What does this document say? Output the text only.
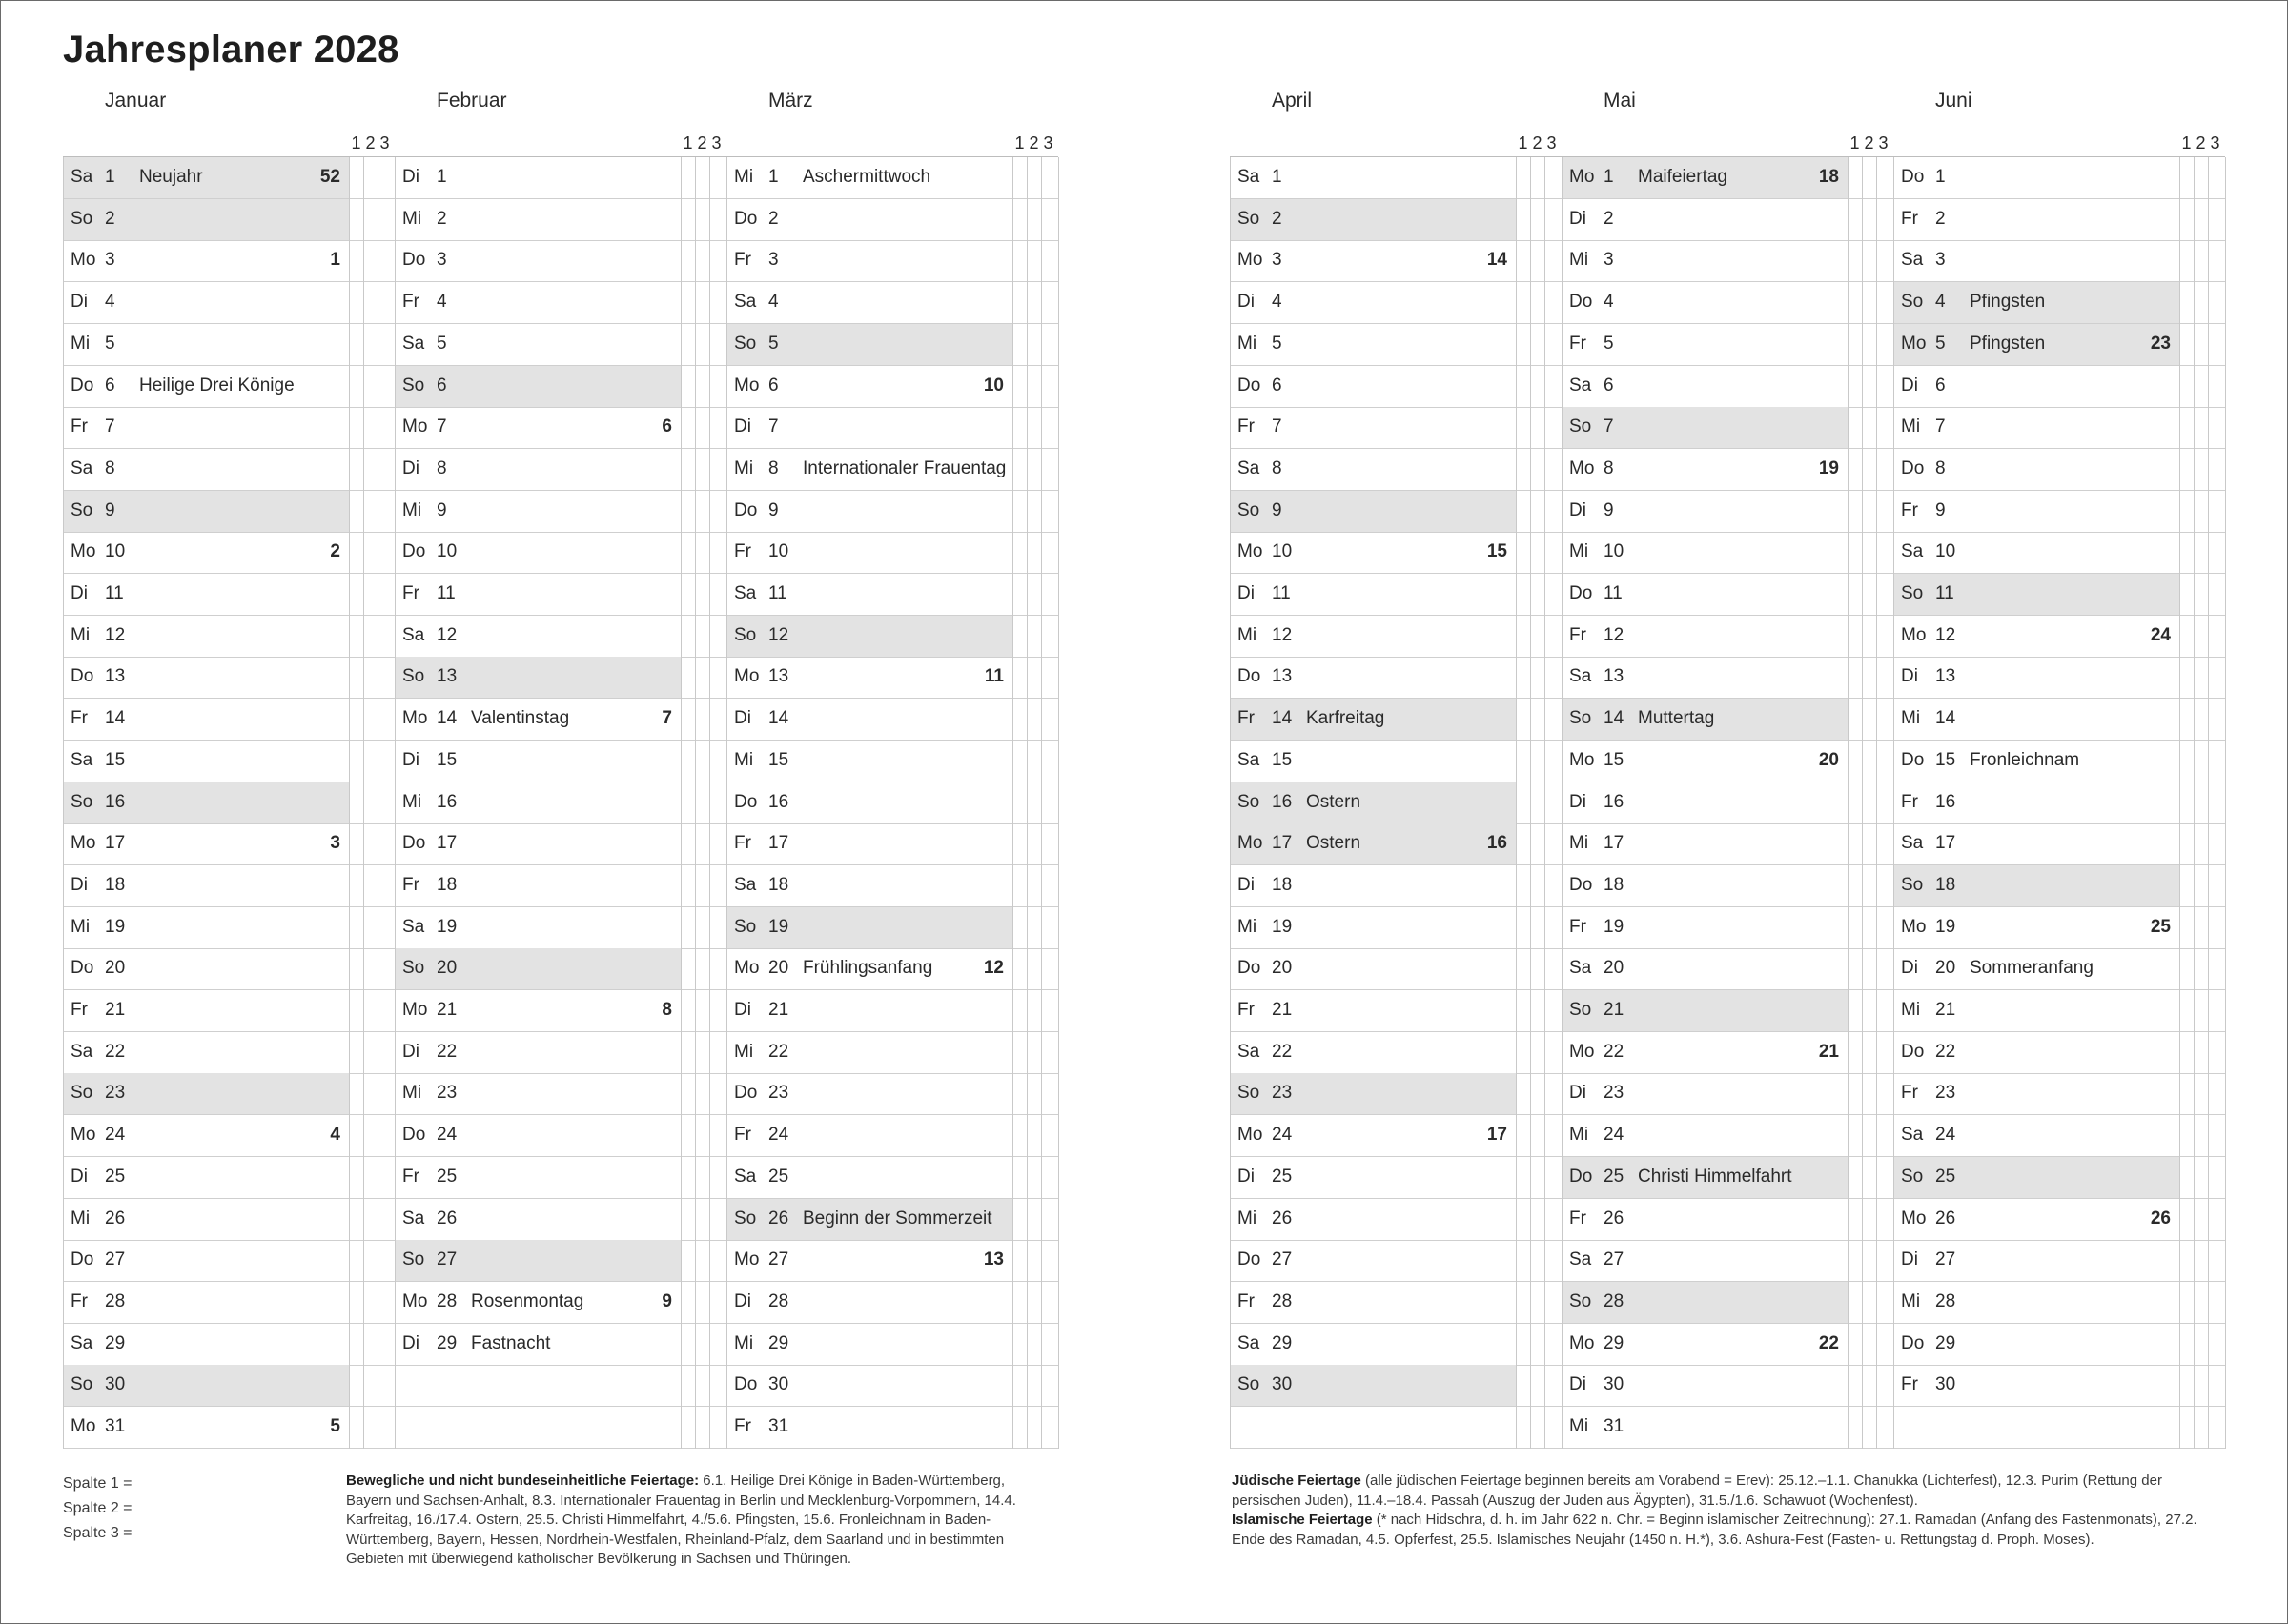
Jahresplaner 2028
Januar
1 2 3
Sa 1 Neujahr	52
So 2
Mo 3	1
Di 4
Mi 5
Do 6 Heilige Drei Könige
Fr 7
Sa 8
So 9
Mo 10	2
Di 11
Mi 12
Do 13
Fr 14
Sa 15
So 16
Mo 17	3
Di 18
Mi 19
Do 20
Fr 21
Sa 22
So 23
Mo 24	4
Di 25
Mi 26
Do 27
Fr 28
Sa 29
So 30
Mo 31	5
Februar
1 2 3
Di 1
Mi 2
Do 3
Fr 4
Sa 5
So 6
Mo 7	6
Di 8
Mi 9
Do 10
Fr 11
Sa 12
So 13
Mo 14 Valentinstag	7
Di 15
Mi 16
Do 17
Fr 18
Sa 19
So 20
Mo 21	8
Di 22
Mi 23
Do 24
Fr 25
Sa 26
So 27
Mo 28 Rosenmontag	9
Di 29 Fastnacht
März
1 2 3
Mi 1 Aschermittwoch
Do 2
Fr 3
Sa 4
So 5
Mo 6	10
Di 7
Mi 8 Internationaler Frauentag
Do 9
Fr 10
Sa 11
So 12
Mo 13	11
Di 14
Mi 15
Do 16
Fr 17
Sa 18
So 19
Mo 20 Frühlingsanfang	12
Di 21
Mi 22
Do 23
Fr 24
Sa 25
So 26 Beginn der Sommerzeit
Mo 27	13
Di 28
Mi 29
Do 30
Fr 31
April
1 2 3
Sa 1
So 2
Mo 3	14
Di 4
Mi 5
Do 6
Fr 7
Sa 8
So 9
Mo 10	15
Di 11
Mi 12
Do 13
Fr 14 Karfreitag
Sa 15
So 16 Ostern
Mo 17 Ostern	16
Di 18
Mi 19
Do 20
Fr 21
Sa 22
So 23
Mo 24	17
Di 25
Mi 26
Do 27
Fr 28
Sa 29
So 30
Mai
1 2 3
Mo 1 Maifeiertag	18
Di 2
Mi 3
Do 4
Fr 5
Sa 6
So 7
Mo 8	19
Di 9
Mi 10
Do 11
Fr 12
Sa 13
So 14 Muttertag
Mo 15	20
Di 16
Mi 17
Do 18
Fr 19
Sa 20
So 21
Mo 22	21
Di 23
Mi 24
Do 25 Christi Himmelfahrt
Fr 26
Sa 27
So 28
Mo 29	22
Di 30
Mi 31
Juni
1 2 3
Do 1
Fr 2
Sa 3
So 4 Pfingsten
Mo 5 Pfingsten	23
Di 6
Mi 7
Do 8
Fr 9
Sa 10
So 11
Mo 12	24
Di 13
Mi 14
Do 15 Fronleichnam
Fr 16
Sa 17
So 18
Mo 19	25
Di 20 Sommeranfang
Mi 21
Do 22
Fr 23
Sa 24
So 25
Mo 26	26
Di 27
Mi 28
Do 29
Fr 30
Spalte 1 =
Spalte 2 =
Spalte 3 =
Bewegliche und nicht bundeseinheitliche Feiertage: 6.1. Heilige Drei Könige in Baden-Württemberg, Bayern und Sachsen-Anhalt, 8.3. Internationaler Frauentag in Berlin und Mecklenburg-Vorpommern, 14.4. Karfreitag, 16./17.4. Ostern, 25.5. Christi Himmelfahrt, 4./5.6. Pfingsten, 15.6. Fronleichnam in Baden-Württemberg, Bayern, Hessen, Nordrhein-Westfalen, Rheinland-Pfalz, dem Saarland und in bestimmten Gebieten mit überwiegend katholischer Bevölkerung in Sachsen und Thüringen.
Jüdische Feiertage (alle jüdischen Feiertage beginnen bereits am Vorabend = Erev): 25.12.–1.1. Chanukka (Lichterfest), 12.3. Purim (Rettung der persischen Juden), 11.4.–18.4. Passah (Auszug der Juden aus Ägypten), 31.5./1.6. Schawuot (Wochenfest).
Islamische Feiertage (* nach Hidschra, d. h. im Jahr 622 n. Chr. = Beginn islamischer Zeitrechnung): 27.1. Ramadan (Anfang des Fastenmonats), 27.2. Ende des Ramadan, 4.5. Opferfest, 25.5. Islamisches Neujahr (1450 n. H.*), 3.6. Ashura-Fest (Fasten- u. Rettungstag d. Proph. Moses).
